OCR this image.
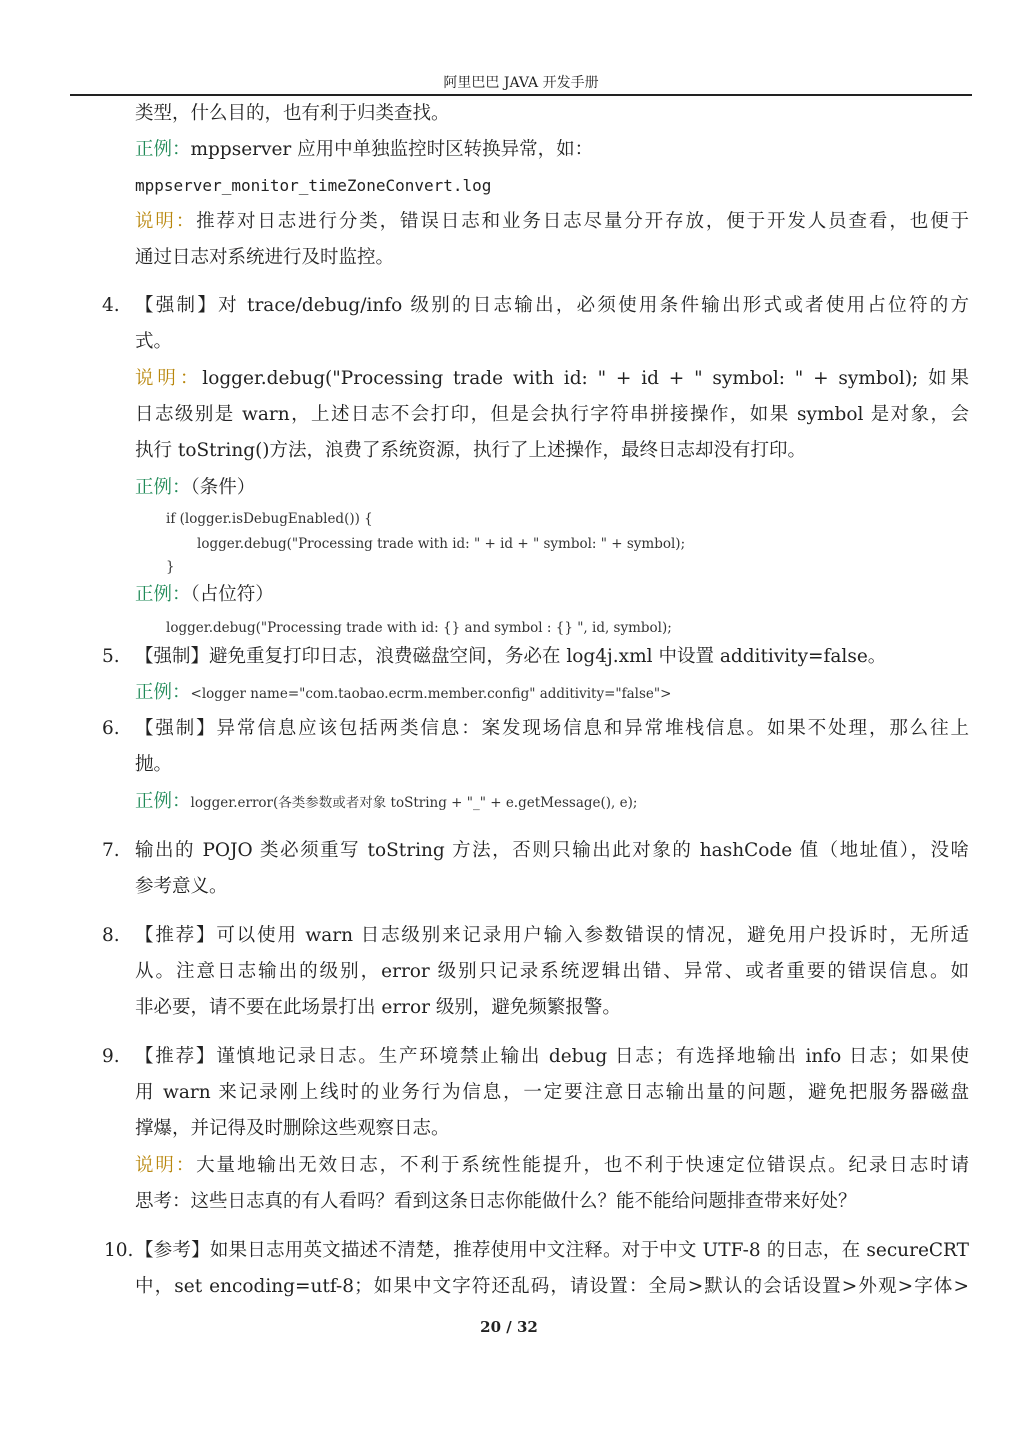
阿里巴巴 JAVA 开发手册
类型，什么目的，也有利于归类查找。
正例：mppserver 应用中单独监控时区转换异常，如：
mppserver_monitor_timeZoneConvert.log
说明：推荐对日志进行分类，错误日志和业务日志尽量分开存放，便于开发人员查看，也便于
通过日志对系统进行及时监控。
4. 【强制】对 trace/debug/info 级别的日志输出，必须使用条件输出形式或者使用占位符的方
式。
说明：logger.debug("Processing trade with id: " + id + " symbol: " + symbol); 如果
日志级别是 warn，上述日志不会打印，但是会执行字符串拼接操作，如果 symbol 是对象，会
执行 toString()方法，浪费了系统资源，执行了上述操作，最终日志却没有打印。
正例：（条件）
if (logger.isDebugEnabled()) {
logger.debug("Processing trade with id: " + id + " symbol: " + symbol);
}
正例：（占位符）
logger.debug("Processing trade with id: {} and symbol : {} ", id, symbol);
5. 【强制】避免重复打印日志，浪费磁盘空间，务必在 log4j.xml 中设置 additivity=false。
正例：<logger name="com.taobao.ecrm.member.config" additivity="false">
6. 【强制】异常信息应该包括两类信息：案发现场信息和异常堆栈信息。如果不处理，那么往上
抛。
正例：logger.error(各类参数或者对象 toString + "_" + e.getMessage(), e);
7. 输出的 POJO 类必须重写 toString 方法，否则只输出此对象的 hashCode 值（地址值），没啥
参考意义。
8. 【推荐】可以使用 warn 日志级别来记录用户输入参数错误的情况，避免用户投诉时，无所适
从。注意日志输出的级别，error 级别只记录系统逻辑出错、异常、或者重要的错误信息。如
非必要，请不要在此场景打出 error 级别，避免频繁报警。
9. 【推荐】谨慎地记录日志。生产环境禁止输出 debug 日志；有选择地输出 info 日志；如果使
用 warn 来记录刚上线时的业务行为信息，一定要注意日志输出量的问题，避免把服务器磁盘
撑爆，并记得及时删除这些观察日志。
说明：大量地输出无效日志，不利于系统性能提升，也不利于快速定位错误点。纪录日志时请
思考：这些日志真的有人看吗？看到这条日志你能做什么？能不能给问题排查带来好处？
10. 【参考】如果日志用英文描述不清楚，推荐使用中文注释。对于中文 UTF-8 的日志，在 secureCRT
中，set encoding=utf-8；如果中文字符还乱码，请设置：全局>默认的会话设置>外观>字体>
20 / 32
